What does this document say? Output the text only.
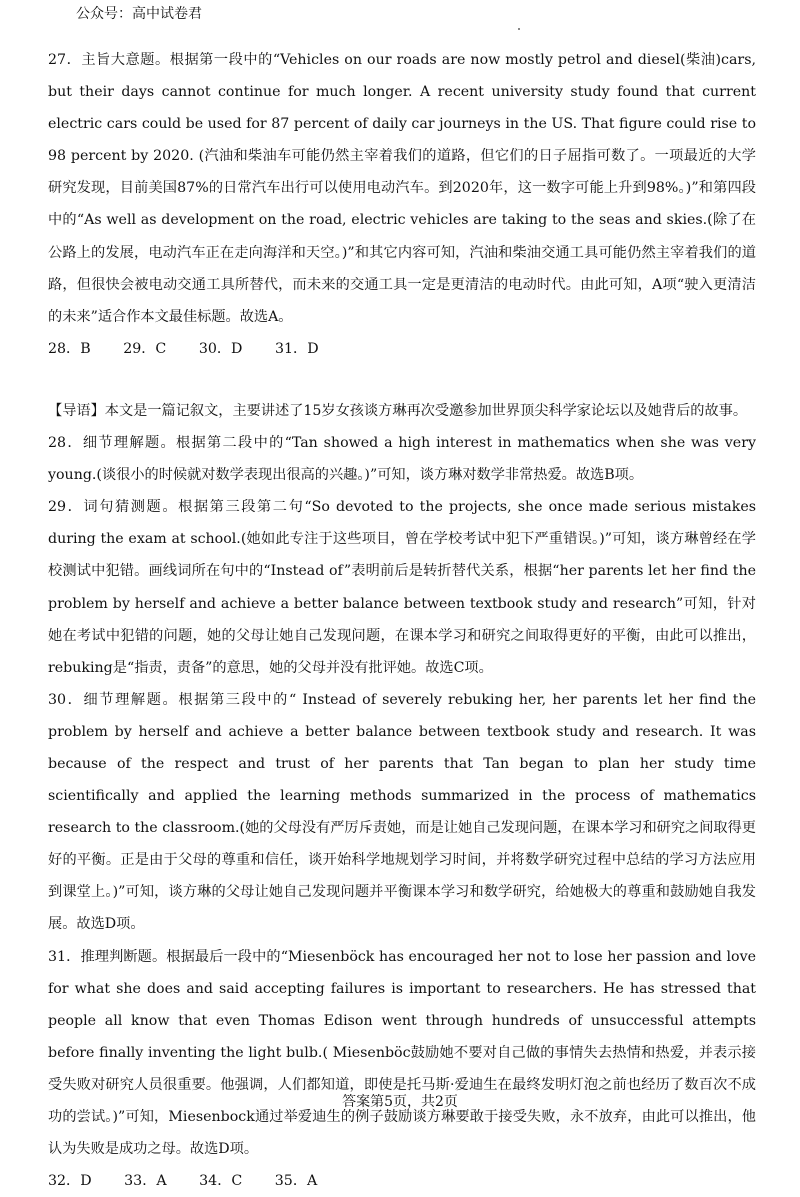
公众号：高中试卷君

27．主旨大意题。根据第一段中的“Vehicles on our roads are now mostly petrol and diesel(柴油)cars, but their days cannot continue for much longer. A recent university study found that current electric cars could be used for 87 percent of daily car journeys in the US. That figure could rise to 98 percent by 2020. (汽油和柴油车可能仍然主宰着我们的道路，但它们的日子屈指可数了。一项最近的大学研究发现，目前美国87%的日常汽车出行可以使用电动汽车。到2020年，这一数字可能上升到98%。)”和第四段中的“As well as development on the road, electric vehicles are taking to the seas and skies.(除了在公路上的发展，电动汽车正在走向海洋和天空。)”和其它内容可知，汽油和柴油交通工具可能仍然主宰着我们的道路，但很快会被电动交通工具所替代，而未来的交通工具一定是更清洁的电动时代。由此可知，A项“驶入更清洁的未来”适合作本文最佳标题。故选A。

28．B 29．C 30．D 31．D

【导语】本文是一篇记叙文，主要讲述了15岁女孩谈方琳再次受邀参加世界顶尖科学家论坛以及她背后的故事。

28．细节理解题。根据第二段中的“Tan showed a high interest in mathematics when she was very young.(谈很小的时候就对数学表现出很高的兴趣。)”可知，谈方琳对数学非常热爱。故选B项。

29．词句猜测题。根据第三段第二句“So devoted to the projects, she once made serious mistakes during the exam at school.(她如此专注于这些项目，曾在学校考试中犯下严重错误。)”可知，谈方琳曾经在学校测试中犯错。画线词所在句中的“Instead of”表明前后是转折替代关系，根据“her parents let her find the problem by herself and achieve a better balance between textbook study and research”可知，针对她在考试中犯错的问题，她的父母让她自己发现问题，在课本学习和研究之间取得更好的平衡，由此可以推出，rebuking是“指责，责备”的意思，她的父母并没有批评她。故选C项。

30．细节理解题。根据第三段中的“ Instead of severely rebuking her, her parents let her find the problem by herself and achieve a better balance between textbook study and research. It was because of the respect and trust of her parents that Tan began to plan her study time scientifically and applied the learning methods summarized in the process of mathematics research to the classroom.(她的父母没有严厉斥责她，而是让她自己发现问题，在课本学习和研究之间取得更好的平衡。正是由于父母的尊重和信任，谈开始科学地规划学习时间，并将数学研究过程中总结的学习方法应用到课堂上。)”可知，谈方琳的父母让她自己发现问题并平衡课本学习和数学研究，给她极大的尊重和鼓励她自我发展。故选D项。

31．推理判断题。根据最后一段中的“Miesenböck has encouraged her not to lose her passion and love for what she does and said accepting failures is important to researchers. He has stressed that people all know that even Thomas Edison went through hundreds of unsuccessful attempts before finally inventing the light bulb.( Miesenböc鼓励她不要对自己做的事情失去热情和热爱，并表示接受失败对研究人员很重要。他强调，人们都知道，即使是托马斯·爱迪生在最终发明灯泡之前也经历了数百次不成功的尝试。)”可知，Miesenbock通过举爱迪生的例子鼓励谈方琳要敢于接受失败，永不放弃，由此可以推出，他认为失败是成功之母。故选D项。

32．D 33．A 34．C 35．A

答案第5页，共2页
